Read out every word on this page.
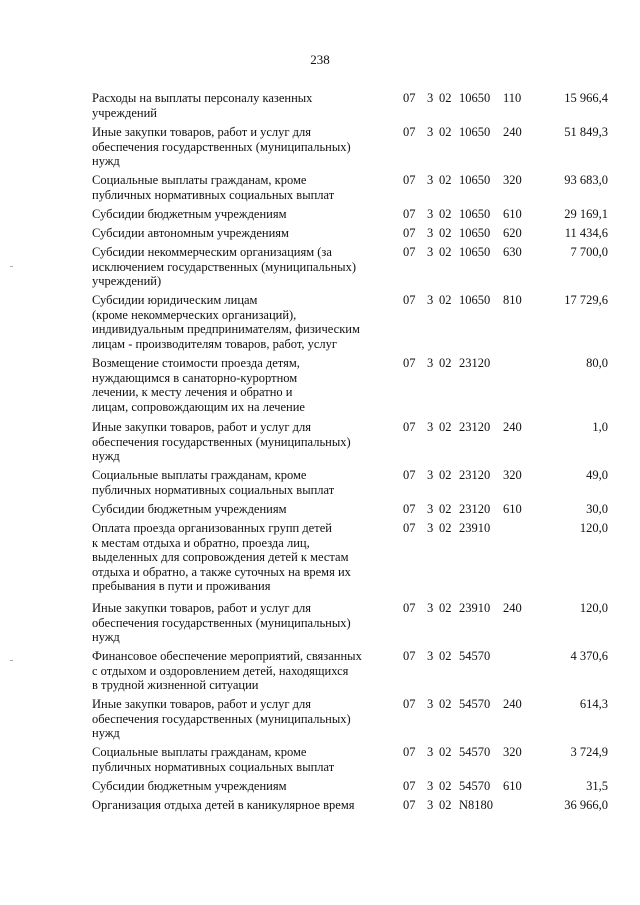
238
Расходы на выплаты персоналу казенных
учреждений
07 3 02 10650	110	15 966,4
Иные закупки товаров, работ и услуг для
обеспечения государственных (муниципальных)
нужд
07 3 02 10650	240	51 849,3
Социальные выплаты гражданам, кроме
публичных нормативных социальных выплат
07 3 02 10650	320	93 683,0
Субсидии бюджетным учреждениям	07 3 02 10650	610	29 169,1
Субсидии автономным учреждениям	07 3 02 10650	620	11 434,6
Субсидии некоммерческим организациям (за
исключением государственных (муниципальных)
учреждений)
07 3 02 10650	630	7 700,0
Субсидии юридическим лицам
(кроме некоммерческих организаций),
индивидуальным предпринимателям, физическим
лицам - производителям товаров, работ, услуг
07 3 02 10650	810	17 729,6
Возмещение стоимости проезда детям,
нуждающимся в санаторно-курортном
лечении, к месту лечения и обратно и
лицам, сопровождающим их на лечение
07 3 02 23120	80,0
Иные закупки товаров, работ и услуг для
обеспечения государственных (муниципальных)
нужд
07 3 02 23120	240	1,0
Социальные выплаты гражданам, кроме
публичных нормативных социальных выплат
07 3 02 23120	320	49,0
Субсидии бюджетным учреждениям	07 3 02 23120	610	30,0
Оплата проезда организованных групп детей
к местам отдыха и обратно, проезда лиц,
выделенных для сопровождения детей к местам
отдыха и обратно, а также суточных на время их
пребывания в пути и проживания
07 3 02 23910	120,0
Иные закупки товаров, работ и услуг для
обеспечения государственных (муниципальных)
нужд
07 3 02 23910	240	120,0
Финансовое обеспечение мероприятий, связанных
с отдыхом и оздоровлением детей, находящихся
в трудной жизненной ситуации
07 3 02 54570	4 370,6
Иные закупки товаров, работ и услуг для
обеспечения государственных (муниципальных)
нужд
07 3 02 54570	240	614,3
Социальные выплаты гражданам, кроме
публичных нормативных социальных выплат
07 3 02 54570	320	3 724,9
Субсидии бюджетным учреждениям	07 3 02 54570	610	31,5
Организация отдыха детей в каникулярное время	07 3 02 N8180	36 966,0
